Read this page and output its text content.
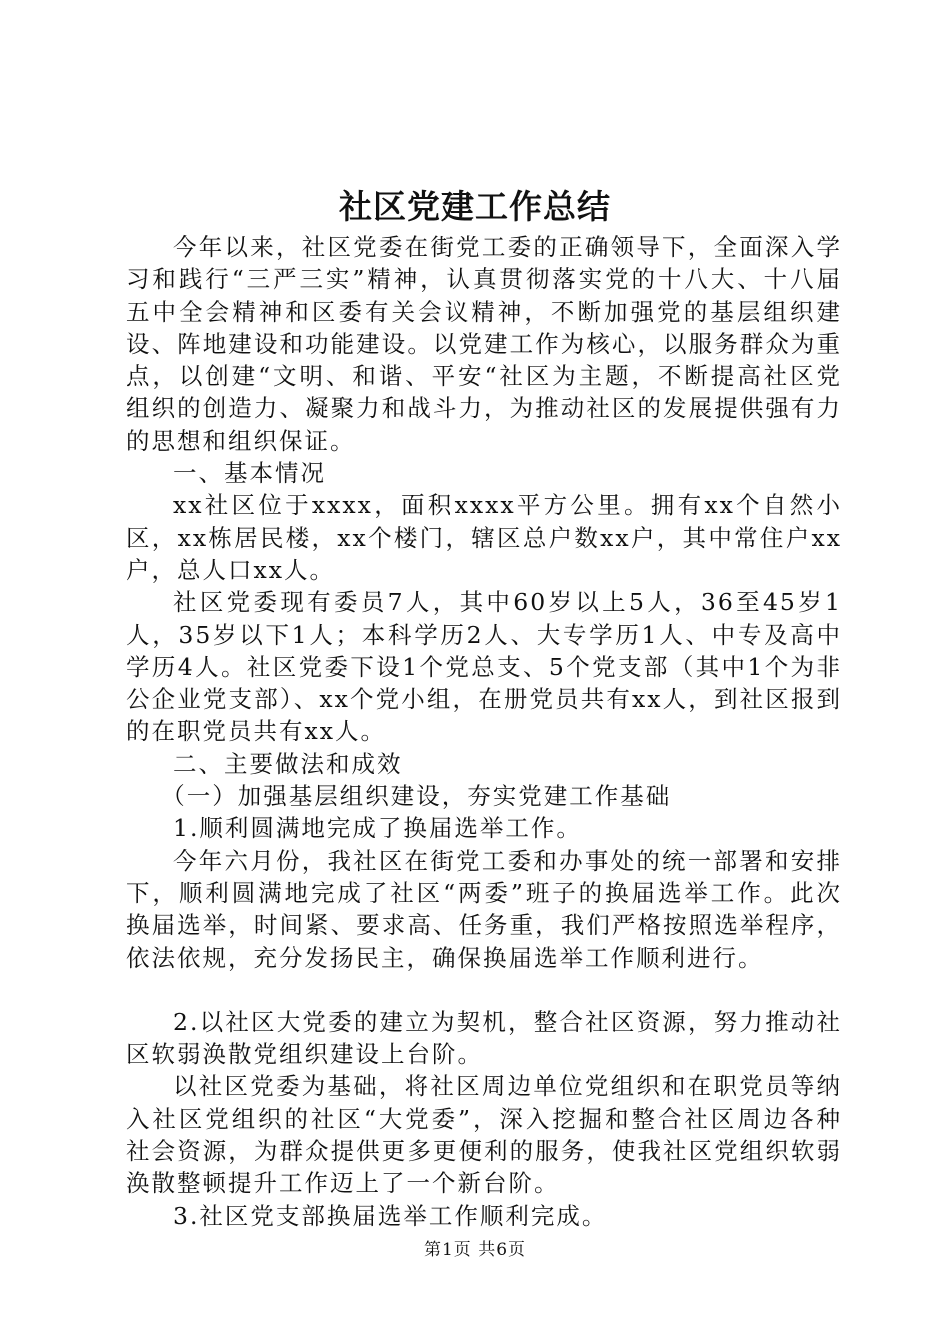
社区党建工作总结

今年以来，社区党委在街党工委的正确领导下，全面深入学习和践行“三严三实”精神，认真贯彻落实党的十八大、十八届五中全会精神和区委有关会议精神，不断加强党的基层组织建设、阵地建设和功能建设。以党建工作为核心，以服务群众为重点，以创建“文明、和谐、平安“社区为主题，不断提高社区党组织的创造力、凝聚力和战斗力，为推动社区的发展提供强有力的思想和组织保证。

一、基本情况

xx社区位于xxxx，面积xxxx平方公里。拥有xx个自然小区，xx栋居民楼，xx个楼门，辖区总户数xx户，其中常住户xx户，总人口xx人。

社区党委现有委员7人，其中60岁以上5人，36至45岁1人，35岁以下1人；本科学历2人、大专学历1人、中专及高中学历4人。社区党委下设1个党总支、5个党支部（其中1个为非公企业党支部）、xx个党小组，在册党员共有xx人，到社区报到的在职党员共有xx人。

二、主要做法和成效

（一）加强基层组织建设，夯实党建工作基础

1.顺利圆满地完成了换届选举工作。

今年六月份，我社区在街党工委和办事处的统一部署和安排下，顺利圆满地完成了社区“两委”班子的换届选举工作。此次换届选举，时间紧、要求高、任务重，我们严格按照选举程序，依法依规，充分发扬民主，确保换届选举工作顺利进行。

2.以社区大党委的建立为契机，整合社区资源，努力推动社区软弱涣散党组织建设上台阶。

以社区党委为基础，将社区周边单位党组织和在职党员等纳入社区党组织的社区“大党委”，深入挖掘和整合社区周边各种社会资源，为群众提供更多更便利的服务，使我社区党组织软弱涣散整顿提升工作迈上了一个新台阶。

3.社区党支部换届选举工作顺利完成。

第1页 共6页
